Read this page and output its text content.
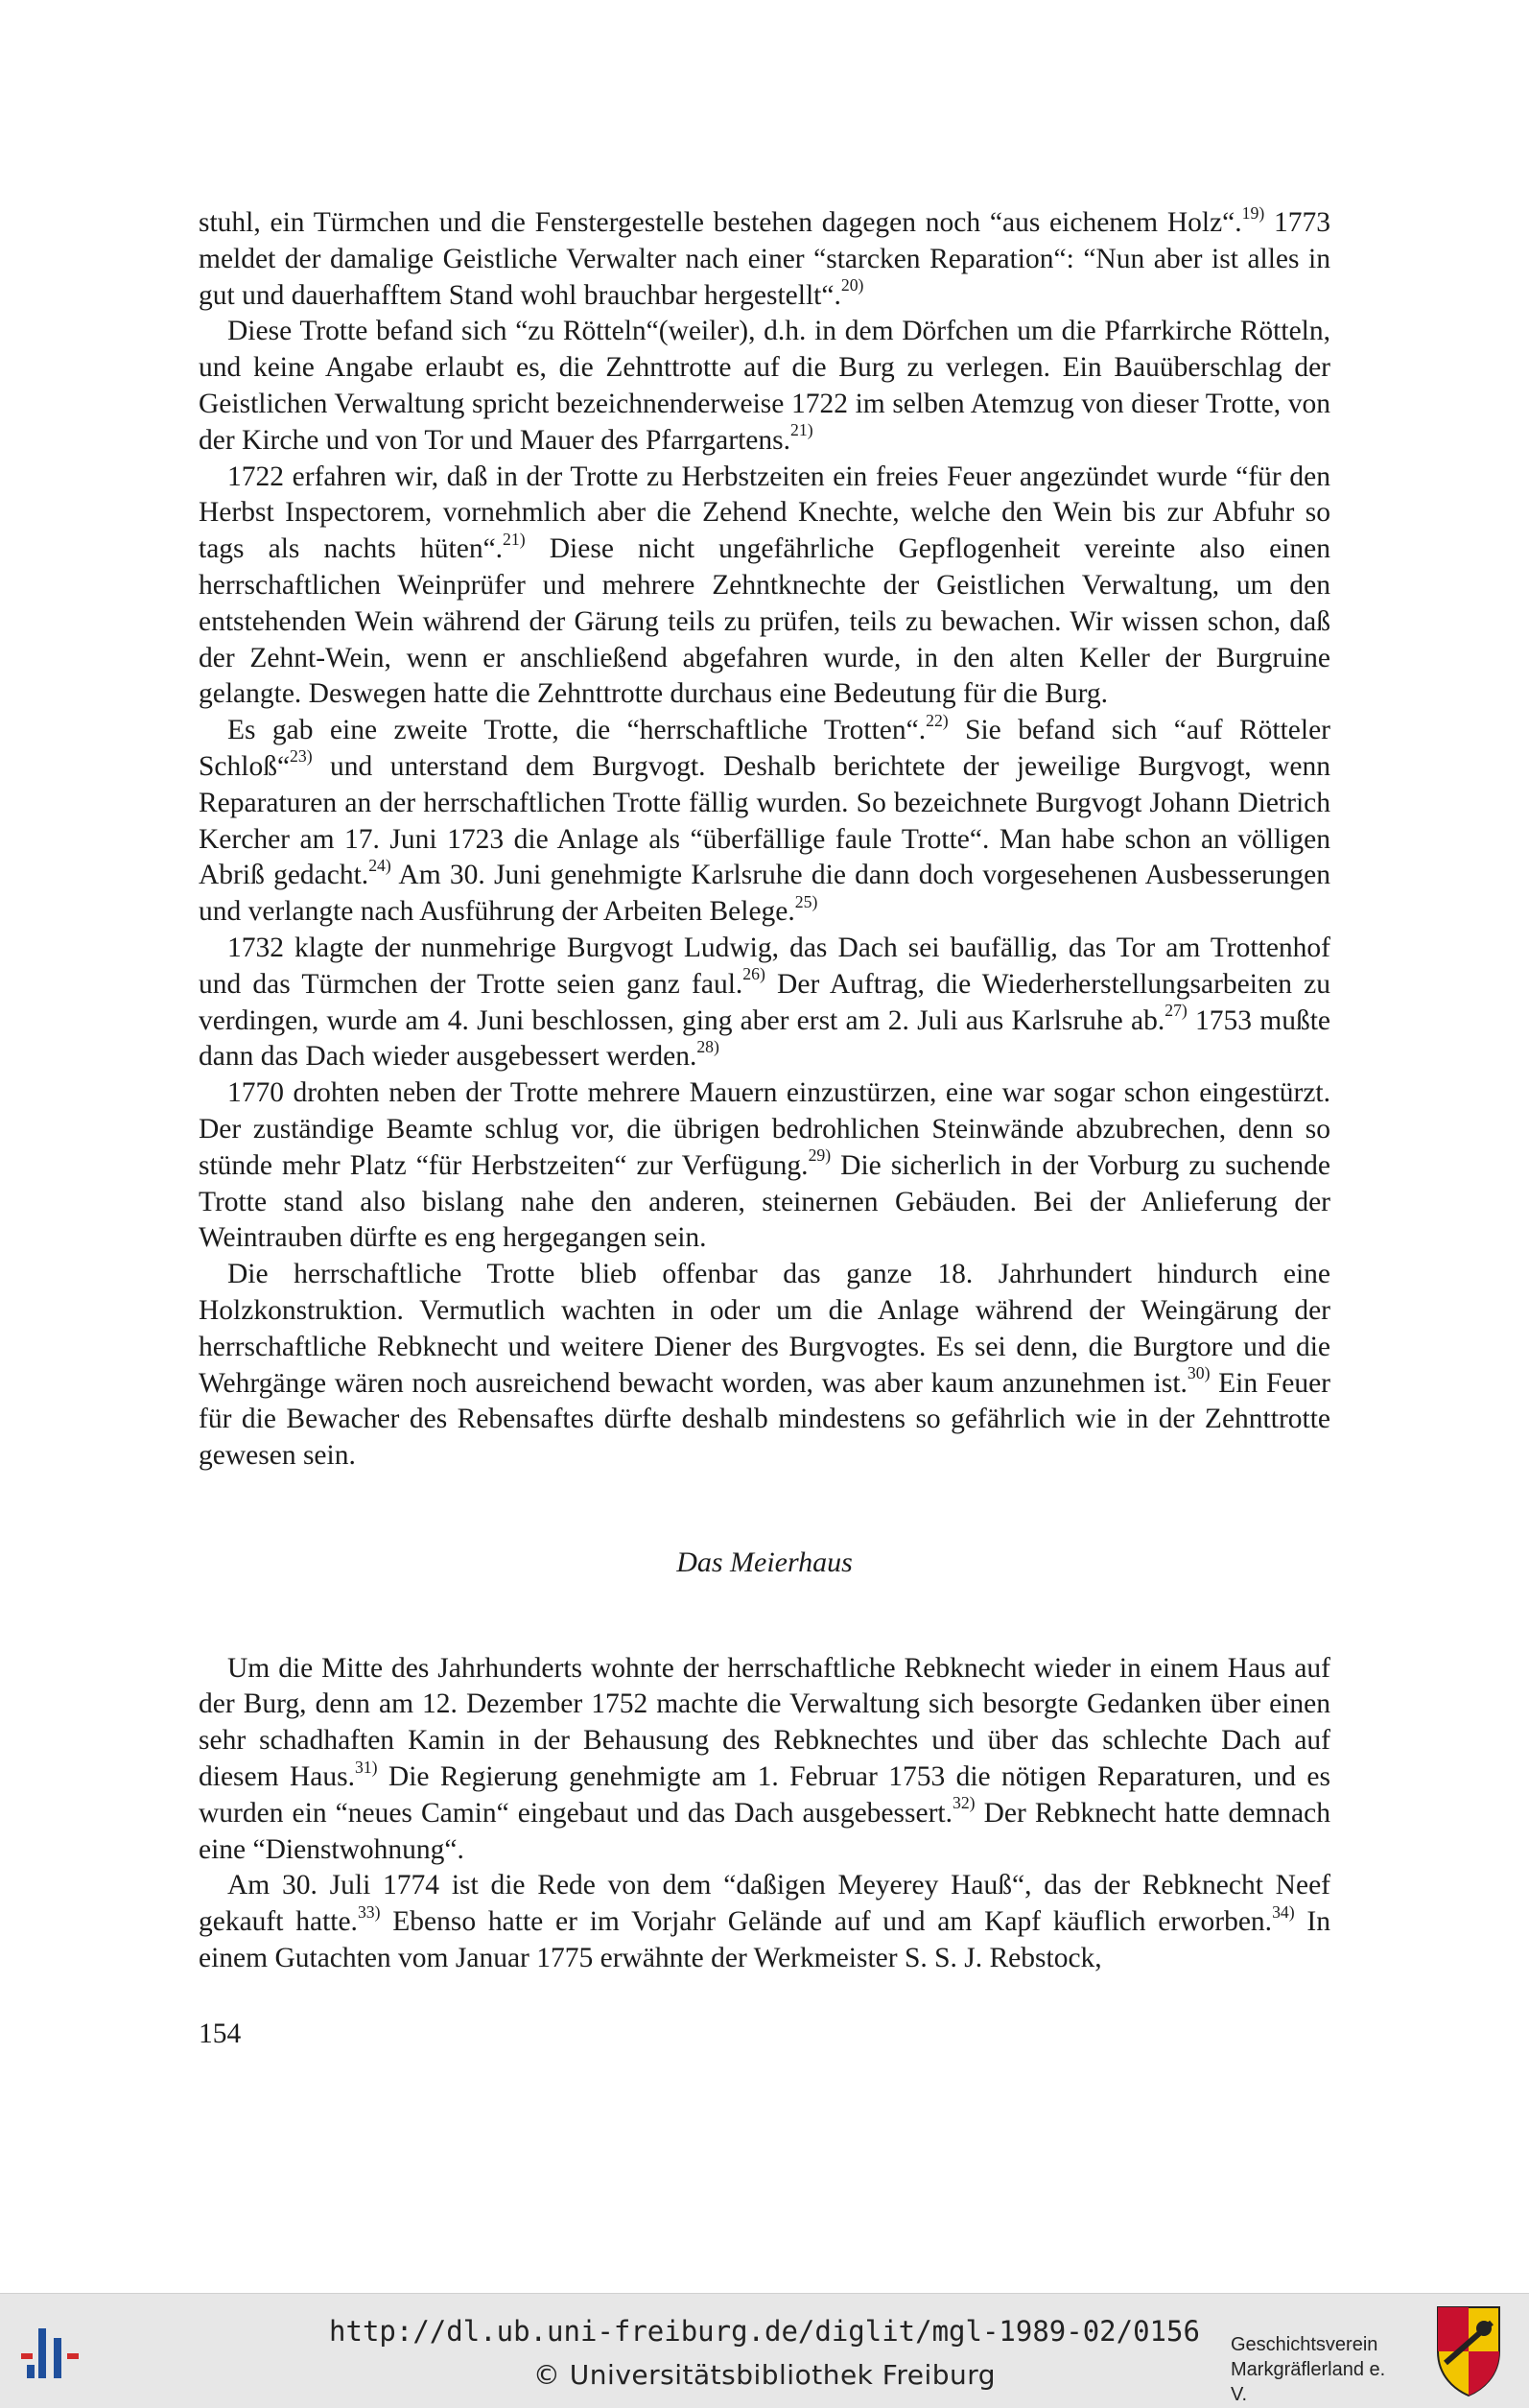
stuhl, ein Türmchen und die Fenstergestelle bestehen dagegen noch “aus eichenem Holz“.$^{19)}$ 1773 meldet der damalige Geistliche Verwalter nach einer “starcken Reparation“: “Nun aber ist alles in gut und dauerhafftem Stand wohl brauchbar hergestellt“.$^{20)}$

Diese Trotte befand sich “zu Rötteln“(weiler), d.h. in dem Dörfchen um die Pfarrkirche Rötteln, und keine Angabe erlaubt es, die Zehnttrotte auf die Burg zu verlegen. Ein Bauüberschlag der Geistlichen Verwaltung spricht bezeichnenderweise 1722 im selben Atemzug von dieser Trotte, von der Kirche und von Tor und Mauer des Pfarrgartens.$^{21)}$

1722 erfahren wir, daß in der Trotte zu Herbstzeiten ein freies Feuer angezündet wurde “für den Herbst Inspectorem, vornehmlich aber die Zehend Knechte, welche den Wein bis zur Abfuhr so tags als nachts hüten“.$^{21)}$ Diese nicht ungefährliche Gepflogenheit vereinte also einen herrschaftlichen Weinprüfer und mehrere Zehntknechte der Geistlichen Verwaltung, um den entstehenden Wein während der Gärung teils zu prüfen, teils zu bewachen. Wir wissen schon, daß der Zehnt-Wein, wenn er anschließend abgefahren wurde, in den alten Keller der Burgruine gelangte. Deswegen hatte die Zehnttrotte durchaus eine Bedeutung für die Burg.

Es gab eine zweite Trotte, die “herrschaftliche Trotten“.$^{22)}$ Sie befand sich “auf Rötteler Schloß“$^{23)}$ und unterstand dem Burgvogt. Deshalb berichtete der jeweilige Burgvogt, wenn Reparaturen an der herrschaftlichen Trotte fällig wurden. So bezeichnete Burgvogt Johann Dietrich Kercher am 17. Juni 1723 die Anlage als “überfällige faule Trotte“. Man habe schon an völligen Abriß gedacht.$^{24)}$ Am 30. Juni genehmigte Karlsruhe die dann doch vorgesehenen Ausbesserungen und verlangte nach Ausführung der Arbeiten Belege.$^{25)}$

1732 klagte der nunmehrige Burgvogt Ludwig, das Dach sei baufällig, das Tor am Trottenhof und das Türmchen der Trotte seien ganz faul.$^{26)}$ Der Auftrag, die Wiederherstellungsarbeiten zu verdingen, wurde am 4. Juni beschlossen, ging aber erst am 2. Juli aus Karlsruhe ab.$^{27)}$ 1753 mußte dann das Dach wieder ausgebessert werden.$^{28)}$

1770 drohten neben der Trotte mehrere Mauern einzustürzen, eine war sogar schon eingestürzt. Der zuständige Beamte schlug vor, die übrigen bedrohlichen Steinwände abzubrechen, denn so stünde mehr Platz “für Herbstzeiten“ zur Verfügung.$^{29)}$ Die sicherlich in der Vorburg zu suchende Trotte stand also bislang nahe den anderen, steinernen Gebäuden. Bei der Anlieferung der Weintrauben dürfte es eng hergegangen sein.

Die herrschaftliche Trotte blieb offenbar das ganze 18. Jahrhundert hindurch eine Holzkonstruktion. Vermutlich wachten in oder um die Anlage während der Weingärung der herrschaftliche Rebknecht und weitere Diener des Burgvogtes. Es sei denn, die Burgtore und die Wehrgänge wären noch ausreichend bewacht worden, was aber kaum anzunehmen ist.$^{30)}$ Ein Feuer für die Bewacher des Rebensaftes dürfte deshalb mindestens so gefährlich wie in der Zehnttrotte gewesen sein.

Das Meierhaus

Um die Mitte des Jahrhunderts wohnte der herrschaftliche Rebknecht wieder in einem Haus auf der Burg, denn am 12. Dezember 1752 machte die Verwaltung sich besorgte Gedanken über einen sehr schadhaften Kamin in der Behausung des Rebknechtes und über das schlechte Dach auf diesem Haus.$^{31)}$ Die Regierung genehmigte am 1. Februar 1753 die nötigen Reparaturen, und es wurden ein “neues Camin“ eingebaut und das Dach ausgebessert.$^{32)}$ Der Rebknecht hatte demnach eine “Dienstwohnung“.

Am 30. Juli 1774 ist die Rede von dem “daßigen Meyerey Hauß“, das der Rebknecht Neef gekauft hatte.$^{33)}$ Ebenso hatte er im Vorjahr Gelände auf und am Kapf käuflich erworben.$^{34)}$ In einem Gutachten vom Januar 1775 erwähnte der Werkmeister S. S. J. Rebstock,

154
http://dl.ub.uni-freiburg.de/diglit/mgl-1989-02/0156
© Universitätsbibliothek Freiburg
Geschichtsverein
Markgräflerland e. V.
